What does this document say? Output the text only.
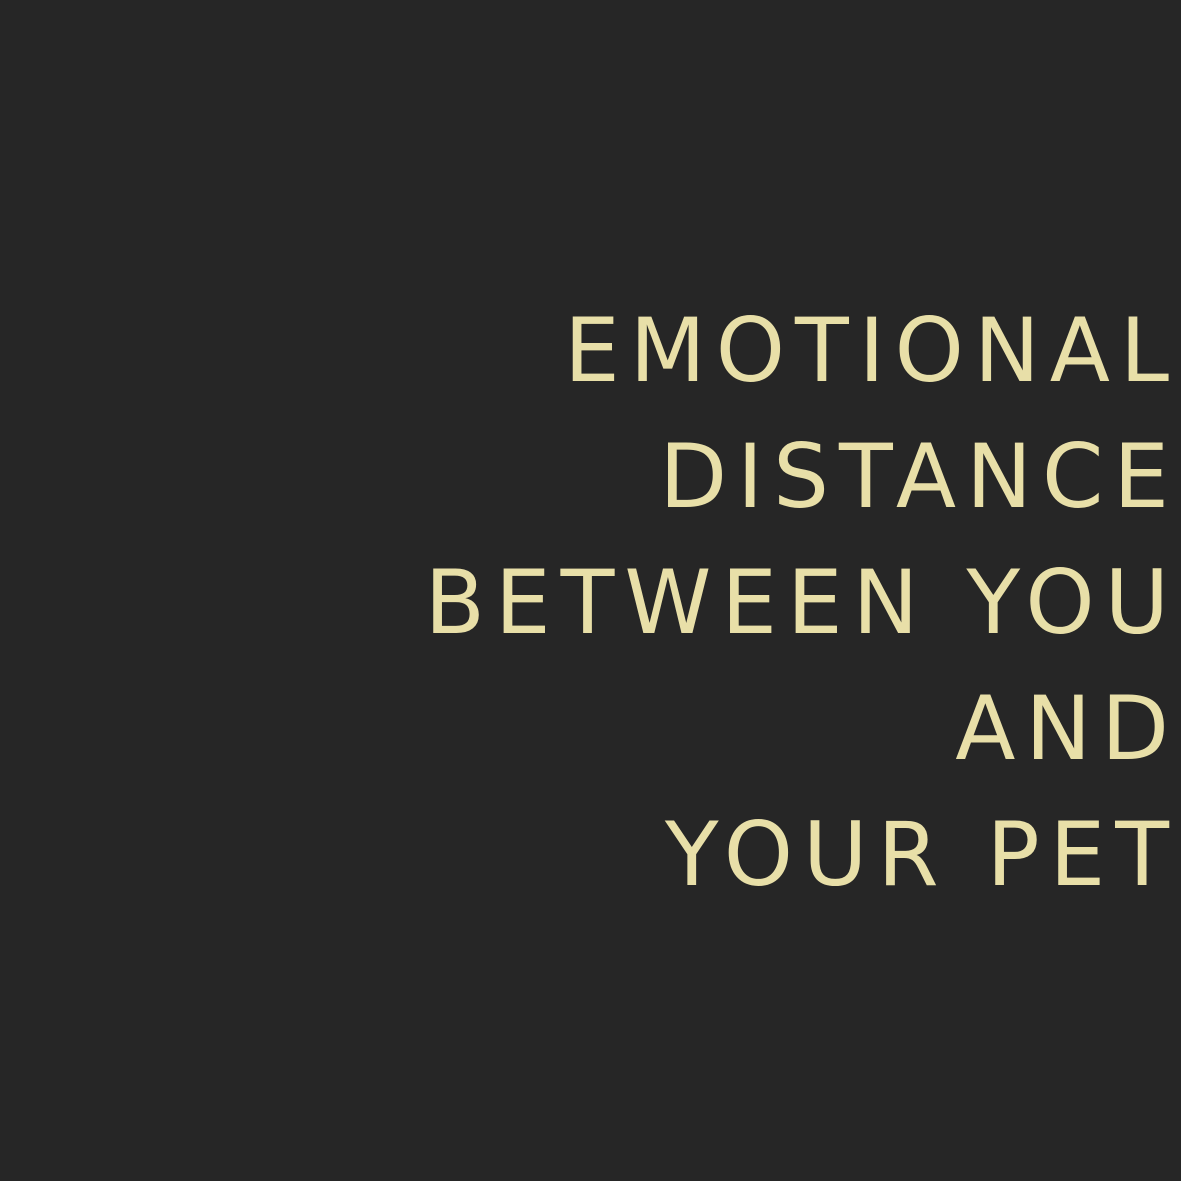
EMOTIONAL
DISTANCE
BETWEEN YOU
AND
YOUR PET
